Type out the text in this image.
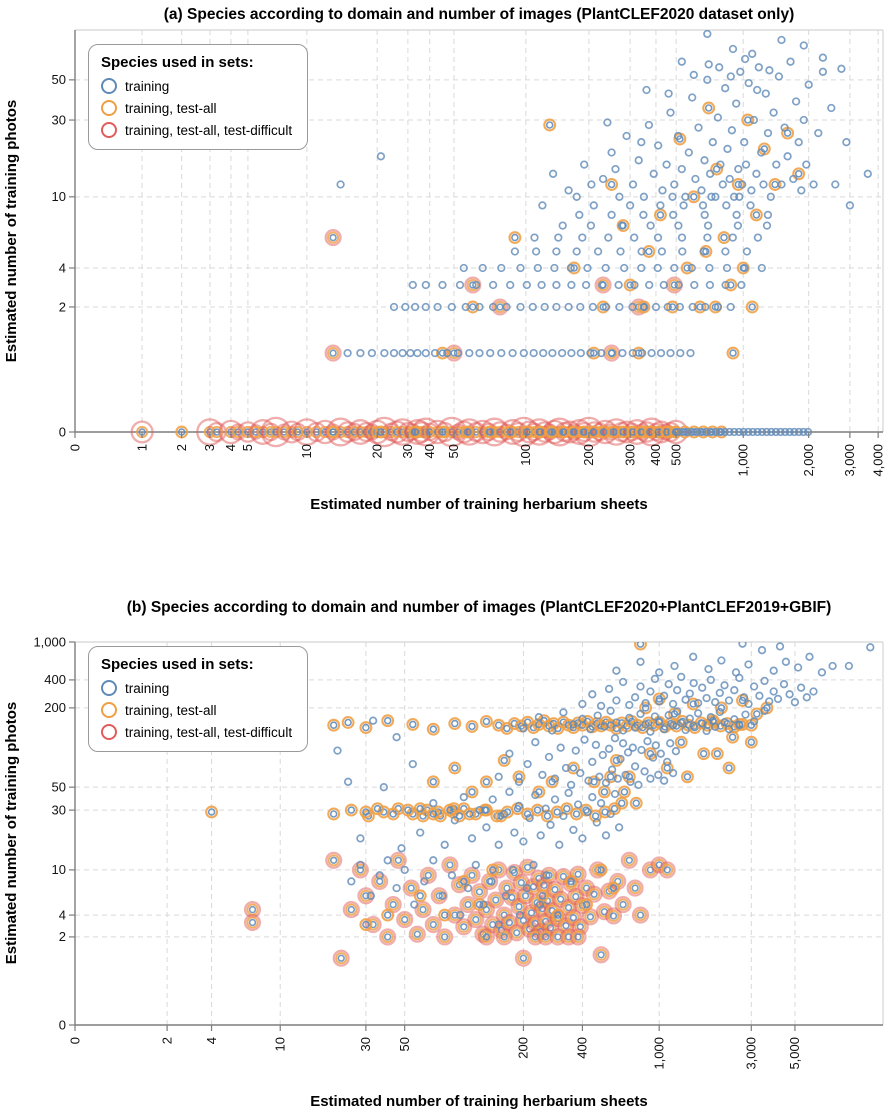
(a) Species according to domain and number of images (PlantCLEF2020 dataset only)
Estimated number of training photos
Estimated number of training herbarium sheets
0	1 2 3 4 5	10	20 30 40 50	100	200 300 400 500	1,000	2,000 3,000 4,000
0
2
4
10
30
50
Species used in sets:
training
training, test-all
training, test-all, test-difficult
(b) Species according to domain and number of images (PlantCLEF2020+PlantCLEF2019+GBIF)
Estimated number of training photos
Estimated number of training herbarium sheets
0	2 4	10	30 50	200	400	1,000	3,000 5,000
0
2
4
10
30
50
200
400
1,000
Species used in sets:
training
training, test-all
training, test-all, test-difficult
